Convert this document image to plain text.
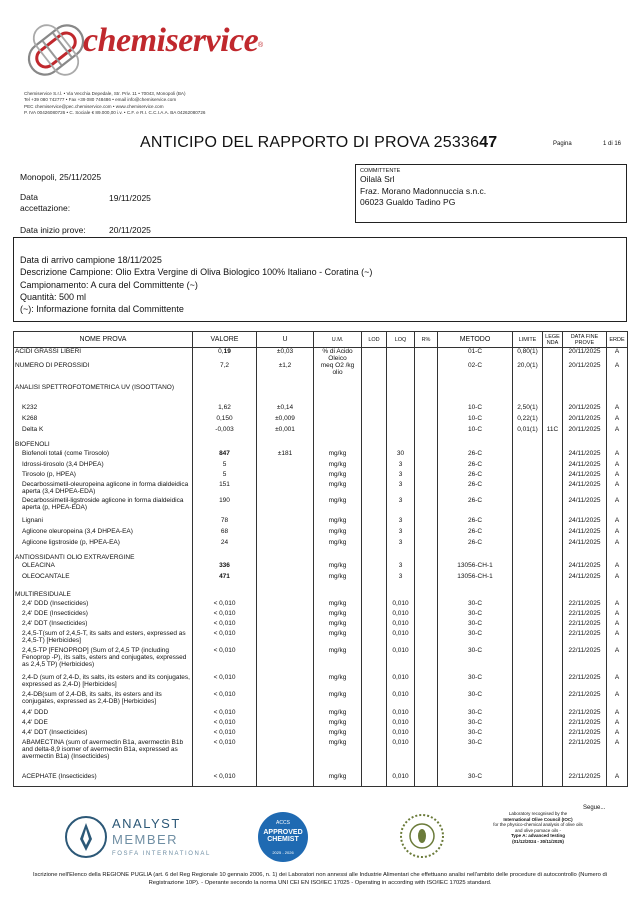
chemiservice ®
Chemiservice S.r.l. • Via Vecchia Depedale, Str. Priv. 11 • 70043, Monopoli (BA)
Tel +39 080 742777 • Fax +39 080 748486 • email info@chemiservice.com
PEC chemiservice@pec.chemiservice.com • www.chemiservice.com
P. IVA 00426080726 • C. Sociale € 89.000,00 i.v. • C.F. e R.I. C.C.I.A.A. BA 04262080726
ANTICIPO DEL RAPPORTO DI PROVA 2533647	Pagina	1 di 16
Monopoli, 25/11/2025
Data accettazione:
19/11/2025
Data inizio prove:	20/11/2025
COMMITTENTE
Oilalà Srl
Fraz. Morano Madonnuccia s.n.c.
06023 Gualdo Tadino PG
Data di arrivo campione 18/11/2025
Descrizione Campione: Olio Extra Vergine di Oliva Biologico 100% Italiano - Coratina (~)
Campionamento: A cura del Committente (~)
Quantità: 500 ml
(~): Informazione fornita dal Committente
NOME PROVA	VALORE	U	U.M.	LOD	LOQ	R%	METODO	LIMITE	LEGE NDA	DATA FINE PROVE	ERDE
ACIDI GRASSI LIBERI	0,19	±0,03	% di Acido Oleico				01-C	0,80(1)		20/11/2025	A
NUMERO DI PEROSSIDI	7,2	±1,2	meq O2 /kg olio				02-C	20,0(1)		20/11/2025	A
ANALISI SPETTROFOTOMETRICA UV (ISOOTTANO)											
K232	1,62	±0,14					10-C	2,50(1)		20/11/2025	A
K268	0,150	±0,009					10-C	0,22(1)		20/11/2025	A
Delta K	-0,003	±0,001					10-C	0,01(1)	11C	20/11/2025	A
BIOFENOLI											
Biofenoli totali (come Tirosolo)	847	±181	mg/kg		30		26-C			24/11/2025	A
Idrossi-tirosolo (3,4 DHPEA)	5		mg/kg		3		26-C			24/11/2025	A
Tirosolo (p, HPEA)	5		mg/kg		3		26-C			24/11/2025	A
Decarbossimetil-oleuropeina aglicone in forma dialdeidica aperta (3,4 DHPEA-EDA)	151		mg/kg		3		26-C			24/11/2025	A
Decarbossimetil-ligstroside aglicone in forma dialdeidica aperta (p, HPEA-EDA)	190		mg/kg		3		26-C			24/11/2025	A
Lignani	78		mg/kg		3		26-C			24/11/2025	A
Aglicone oleuropeina (3,4 DHPEA-EA)	68		mg/kg		3		26-C			24/11/2025	A
Aglicone ligstroside (p, HPEA-EA)	24		mg/kg		3		26-C			24/11/2025	A
ANTIOSSIDANTI OLIO EXTRAVERGINE											
OLEACINA	336		mg/kg		3		13056-CH-1			24/11/2025	A
OLEOCANTALE	471		mg/kg		3		13056-CH-1			24/11/2025	A
MULTIRESIDUALE											
2,4' DDD (Insecticides)	< 0,010		mg/kg		0,010		30-C			22/11/2025	A
2,4' DDE (Insecticides)	< 0,010		mg/kg		0,010		30-C			22/11/2025	A
2,4' DDT (Insecticides)	< 0,010		mg/kg		0,010		30-C			22/11/2025	A
2,4,5-T(sum of 2,4,5-T, its salts and esters, expressed as 2,4,5-T) [Herbicides]	< 0,010		mg/kg		0,010		30-C			22/11/2025	A
2,4,5-TP [FENOPROP] (Sum of 2,4,5 TP (including Fenoprop -P), its salts, esters and conjugates, expressed as 2,4,5 TP) (Herbicides)	< 0,010		mg/kg		0,010		30-C			22/11/2025	A
2,4-D (sum of 2,4-D, its salts, its esters and its conjugates, expressed as 2,4-D) [Herbicides]	< 0,010		mg/kg		0,010		30-C			22/11/2025	A
2,4-DB(sum of 2,4-DB, its salts, its esters and its conjugates, expressed as 2,4-DB) [Herbicides]	< 0,010		mg/kg		0,010		30-C			22/11/2025	A
4,4' DDD	< 0,010		mg/kg		0,010		30-C			22/11/2025	A
4,4' DDE	< 0,010		mg/kg		0,010		30-C			22/11/2025	A
4,4' DDT (Insecticides)	< 0,010		mg/kg		0,010		30-C			22/11/2025	A
ABAMECTINA (sum of avermectin B1a, avermectin B1b and delta-8,9 isomer of avermectin B1a, expressed as avermectin B1a) (Insecticides)	< 0,010		mg/kg		0,010		30-C			22/11/2025	A
ACEPHATE (Insecticides)	< 0,010		mg/kg		0,010		30-C			22/11/2025	A
Segue...
ANALYST
MEMBER
FOSFA INTERNATIONAL
ACCS
APPROVED CHEMIST
2025 - 2026
Laboratory recognised by the
International Olive Council (IOC)
for the physico-chemical analysis of olive oils
and olive pomace oils -
Type A: advanced testing
(01/12/2024 - 30/11/2025)
Iscrizione nell'Elenco della REGIONE PUGLIA (art. 6 del Reg Regionale 10 gennaio 2006, n. 1) dei Laboratori non annessi alle Industrie Alimentari che effettuano analisi nell'ambito delle procedure di autocontrollo (Numero di Registrazione 10P). - Operante secondo la norma UNI CEI EN ISO/IEC 17025 - Operating in according with ISO/IEC 17025 standard.
